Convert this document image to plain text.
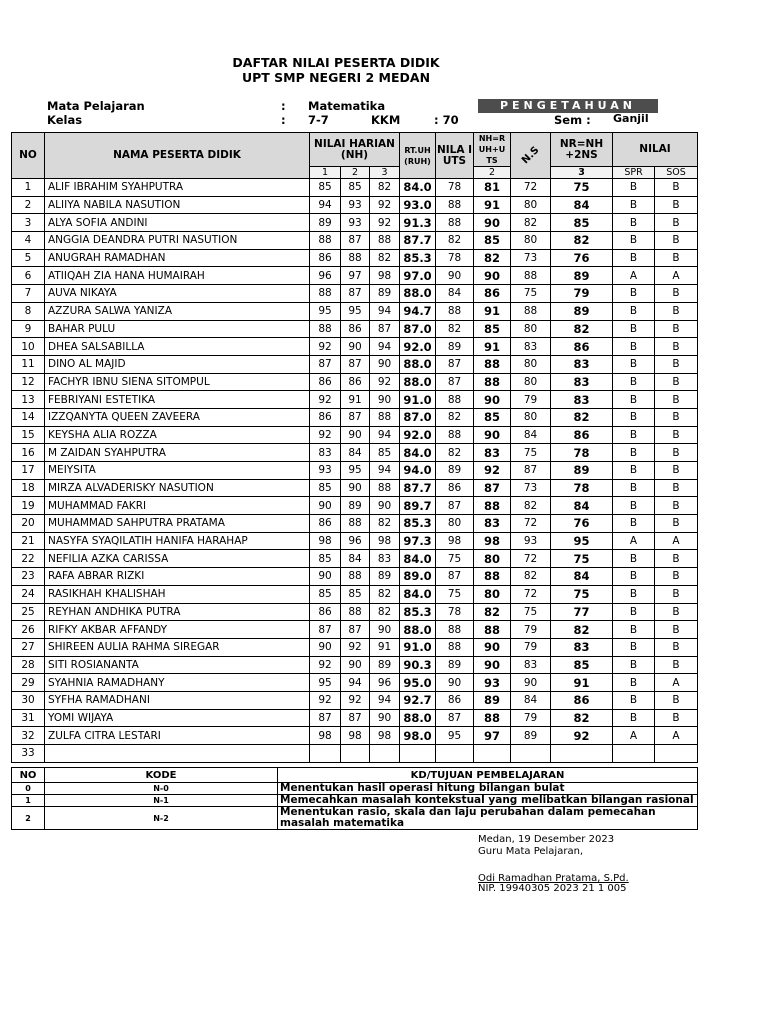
DAFTAR NILAI PESERTA DIDIK
UPT SMP NEGERI 2 MEDAN
Mata Pelajaran	: Matematika	PENGETAHUAN
Kelas	: 7-7	KKM	: 70	Sem : Ganjil
NO	NAMA PESERTA DIDIK	NILAI HARIAN (NH)			RT.UH (RUH)	NILA I UTS	NH=R UH+U TS	N.S	NR=NH +2NS	NILAI	
		1	2	3			2		3	SPR	SOS
1	ALIF IBRAHIM SYAHPUTRA	85	85	82	84.0	78	81	72	75	B	B
2	ALIIYA NABILA NASUTION	94	93	92	93.0	88	91	80	84	B	B
3	ALYA SOFIA ANDINI	89	93	92	91.3	88	90	82	85	B	B
4	ANGGIA DEANDRA PUTRI NASUTION	88	87	88	87.7	82	85	80	82	B	B
5	ANUGRAH RAMADHAN	86	88	82	85.3	78	82	73	76	B	B
6	ATIIQAH ZIA HANA HUMAIRAH	96	97	98	97.0	90	90	88	89	A	A
7	AUVA NIKAYA	88	87	89	88.0	84	86	75	79	B	B
8	AZZURA SALWA YANIZA	95	95	94	94.7	88	91	88	89	B	B
9	BAHAR PULU	88	86	87	87.0	82	85	80	82	B	B
10	DHEA SALSABILLA	92	90	94	92.0	89	91	83	86	B	B
11	DINO AL MAJID	87	87	90	88.0	87	88	80	83	B	B
12	FACHYR IBNU SIENA SITOMPUL	86	86	92	88.0	87	88	80	83	B	B
13	FEBRIYANI ESTETIKA	92	91	90	91.0	88	90	79	83	B	B
14	IZZQANYTA QUEEN ZAVEERA	86	87	88	87.0	82	85	80	82	B	B
15	KEYSHA ALIA ROZZA	92	90	94	92.0	88	90	84	86	B	B
16	M ZAIDAN SYAHPUTRA	83	84	85	84.0	82	83	75	78	B	B
17	MEIYSITA	93	95	94	94.0	89	92	87	89	B	B
18	MIRZA ALVADERISKY NASUTION	85	90	88	87.7	86	87	73	78	B	B
19	MUHAMMAD FAKRI	90	89	90	89.7	87	88	82	84	B	B
20	MUHAMMAD SAHPUTRA PRATAMA	86	88	82	85.3	80	83	72	76	B	B
21	NASYFA SYAQILATIH HANIFA HARAHAP	98	96	98	97.3	98	98	93	95	A	A
22	NEFILIA AZKA CARISSA	85	84	83	84.0	75	80	72	75	B	B
23	RAFA ABRAR RIZKI	90	88	89	89.0	87	88	82	84	B	B
24	RASIKHAH KHALISHAH	85	85	82	84.0	75	80	72	75	B	B
25	REYHAN ANDHIKA PUTRA	86	88	82	85.3	78	82	75	77	B	B
26	RIFKY AKBAR AFFANDY	87	87	90	88.0	88	88	79	82	B	B
27	SHIREEN AULIA RAHMA SIREGAR	90	92	91	91.0	88	90	79	83	B	B
28	SITI ROSIANANTA	92	90	89	90.3	89	90	83	85	B	B
29	SYAHNIA RAMADHANY	95	94	96	95.0	90	93	90	91	B	A
30	SYFHA RAMADHANI	92	92	94	92.7	86	89	84	86	B	B
31	YOMI WIJAYA	87	87	90	88.0	87	88	79	82	B	B
32	ZULFA CITRA LESTARI	98	98	98	98.0	95	97	89	92	A	A
33											
NO	KODE	KD/TUJUAN PEMBELAJARAN
0	N-0	Menentukan hasil operasi hitung bilangan bulat
1	N-1	Memecahkan masalah kontekstual yang melibatkan bilangan rasional
2	N-2	Menentukan rasio, skala dan laju perubahan dalam pemecahan masalah matematika
Medan, 19 Desember 2023
Guru Mata Pelajaran,
Odi Ramadhan Pratama, S.Pd.
NIP. 19940305 2023 21 1 005
